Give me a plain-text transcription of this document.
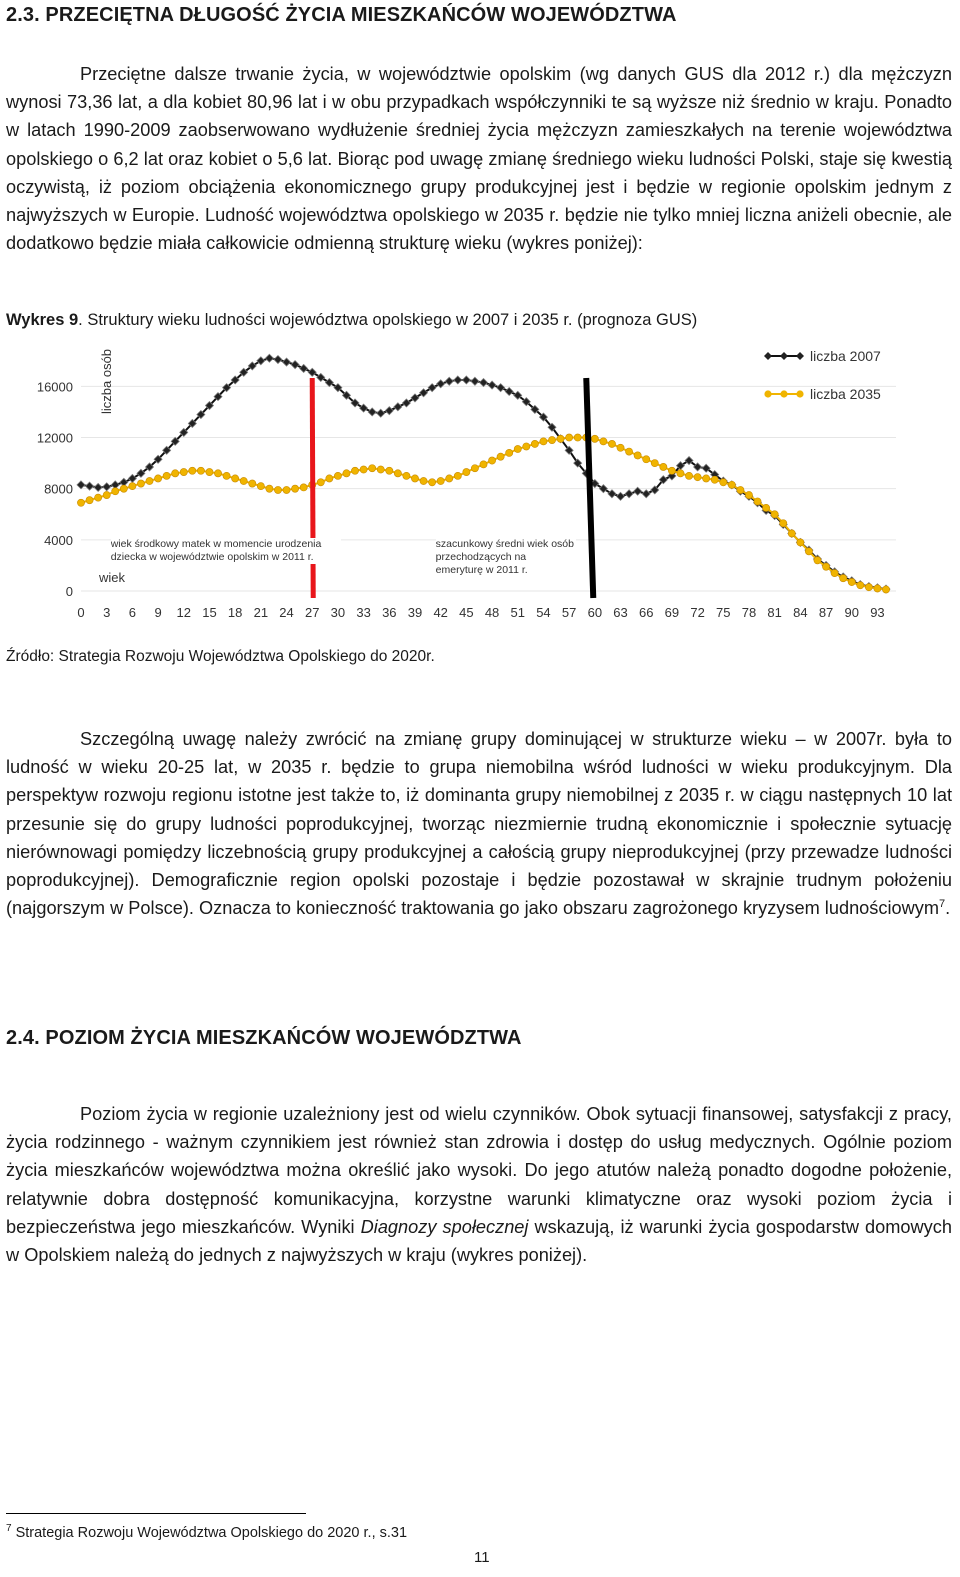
2.3. PRZECIĘTNA DŁUGOŚĆ ŻYCIA MIESZKAŃCÓW WOJEWÓDZTWA

Przeciętne dalsze trwanie życia, w województwie opolskim (wg danych GUS dla 2012 r.) dla mężczyzn wynosi 73,36 lat, a dla kobiet 80,96 lat i w obu przypadkach współczynniki te są wyższe niż średnio w kraju. Ponadto w latach 1990-2009 zaobserwowano wydłużenie średniej życia mężczyzn zamieszkałych na terenie województwa opolskiego o 6,2 lat oraz kobiet o 5,6 lat. Biorąc pod uwagę zmianę średniego wieku ludności Polski, staje się kwestią oczywistą, iż poziom obciążenia ekonomicznego grupy produkcyjnej jest i będzie w regionie opolskim jednym z najwyższych w Europie. Ludność województwa opolskiego w 2035 r. będzie nie tylko mniej liczna aniżeli obecnie, ale dodatkowo będzie miała całkowicie odmienną strukturę wieku (wykres poniżej):

Wykres 9. Struktury wieku ludności województwa opolskiego w 2007 i 2035 r. (prognoza GUS)
0
4000
8000
12000
16000
0 3 6 9 12 15 18 21 24 27 30 33 36 39 42 45 48 51 54 57 60 63 66 69 72 75 78 81 84 87 90 93
liczba osób
wiek środkowy matek w momencie urodzenia dziecka w województwie opolskim w 2011 r.
szacunkowy średni wiek osób przechodzących na emeryturę w 2011 r.
wiek
liczba 2007
liczba 2035
Źródło: Strategia Rozwoju Województwa Opolskiego do 2020r.

Szczególną uwagę należy zwrócić na zmianę grupy dominującej w strukturze wieku – w 2007r. była to ludność w wieku 20-25 lat, w 2035 r. będzie to grupa niemobilna wśród ludności w wieku produkcyjnym. Dla perspektyw rozwoju regionu istotne jest także to, iż dominanta grupy niemobilnej z 2035 r. w ciągu następnych 10 lat przesunie się do grupy ludności poprodukcyjnej, tworząc niezmiernie trudną ekonomicznie i społecznie sytuację nierównowagi pomiędzy liczebnością grupy produkcyjnej a całością grupy nieprodukcyjnej (przy przewadze ludności poprodukcyjnej). Demograficznie region opolski pozostaje i będzie pozostawał w skrajnie trudnym położeniu (najgorszym w Polsce). Oznacza to konieczność traktowania go jako obszaru zagrożonego kryzysem ludnościowym$^7$.

2.4. POZIOM ŻYCIA MIESZKAŃCÓW WOJEWÓDZTWA

Poziom życia w regionie uzależniony jest od wielu czynników. Obok sytuacji finansowej, satysfakcji z pracy, życia rodzinnego - ważnym czynnikiem jest również stan zdrowia i dostęp do usług medycznych. Ogólnie poziom życia mieszkańców województwa można określić jako wysoki. Do jego atutów należą ponadto dogodne położenie, relatywnie dobra dostępność komunikacyjna, korzystne warunki klimatyczne oraz wysoki poziom życia i bezpieczeństwa jego mieszkańców. Wyniki Diagnozy społecznej wskazują, iż warunki życia gospodarstw domowych w Opolskiem należą do jednych z najwyższych w kraju (wykres poniżej).

$^7$ Strategia Rozwoju Województwa Opolskiego do 2020 r., s.31
11
